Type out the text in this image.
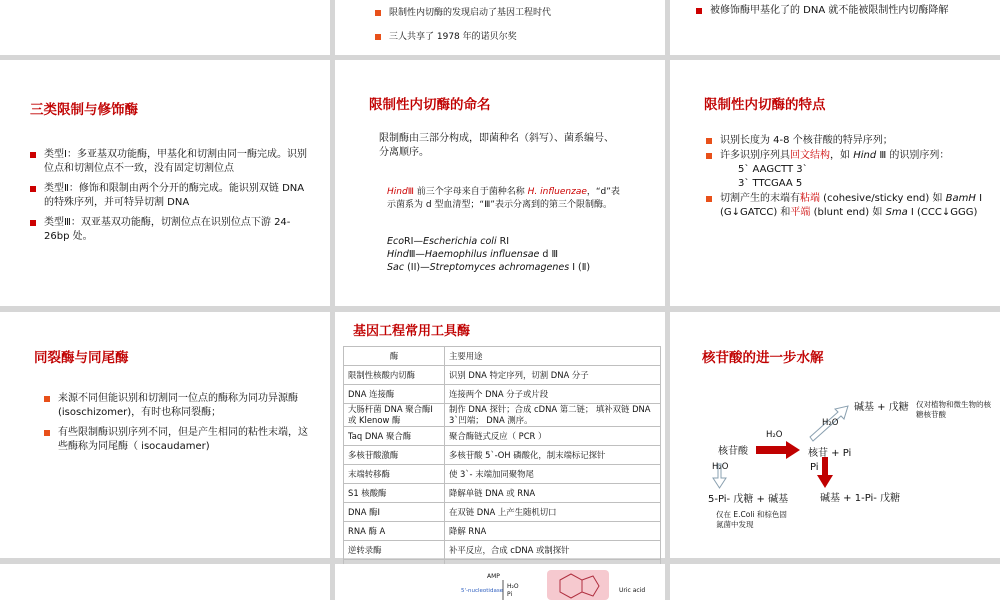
限制性内切酶的发现启动了基因工程时代
三人共享了 1978 年的诺贝尔奖
被修饰酶甲基化了的 DNA 就不能被限制性内切酶降解
三类限制与修饰酶
类型Ⅰ：多亚基双功能酶，甲基化和切割由同一酶完成。识别位点和切割位点不一致，没有固定切割位点
类型Ⅱ：修饰和限制由两个分开的酶完成。能识别双链 DNA 的特殊序列，并可特异切割 DNA
类型Ⅲ：双亚基双功能酶，切割位点在识别位点下游 24-26bp 处。
限制性内切酶的命名

限制酶由三部分构成，即菌种名（斜写）、菌系编号、分离顺序。

HindⅢ 前三个字母来自于菌种名称 H. influenzae，“d”表示菌系为 d 型血清型；“Ⅲ”表示分离到的第三个限制酶。

EcoRI—Escherichia coli RI
HindⅢ—Haemophilus influensae d Ⅲ
Sac (II)—Streptomyces achromagenes I (Ⅱ)
限制性内切酶的特点
识别长度为 4-8 个核苷酸的特异序列；
许多识别序列具回文结构，如 Hind Ⅲ 的识别序列：
5` AAGCTT 3`
3` TTCGAA 5
切割产生的末端有粘端 (cohesive/sticky end) 如 BamH I (G↓GATCC) 和平端 (blunt end) 如 Sma I (CCC↓GGG)
同裂酶与同尾酶
来源不同但能识别和切割同一位点的酶称为同功异源酶 (isoschizomer)，有时也称同裂酶；
有些限制酶识别序列不同，但是产生相同的粘性末端，这些酶称为同尾酶（ isocaudamer)
基因工程常用工具酶
酶	主要用途
限制性核酸内切酶	识别 DNA 特定序列，切割 DNA 分子
DNA 连接酶	连接两个 DNA 分子或片段
大肠杆菌 DNA 聚合酶Ⅰ 或 Klenow 酶	制作 DNA 探针；合成 cDNA 第二链； 填补双链 DNA 3`凹端； DNA 测序。
Taq DNA 聚合酶	聚合酶链式反应（ PCR ）
多核苷酸激酶	多核苷酸 5`-OH 磷酸化，制末端标记探针
末端转移酶	使 3`- 末端加同聚物尾
S1 核酸酶	降解单链 DNA 或 RNA
DNA 酶Ⅰ	在双链 DNA 上产生随机切口
RNA 酶 A	降解 RNA
逆转录酶	补平反应，合成 cDNA 或制探针

核苷酸的进一步水解
核苷酸
H₂O
核苷 + Pi
H₂O
碱基 + 戊糖 仅对植物和微生物的核糖核苷酸
H₂O	Pi
5-Pi- 戊糖 + 碱基
仅在 E.Coli 和棕色固氮菌中发现
碱基 + 1-Pi- 戊糖
AMP
H₂O
Pi
5'-nucleotidase	Uric acid
